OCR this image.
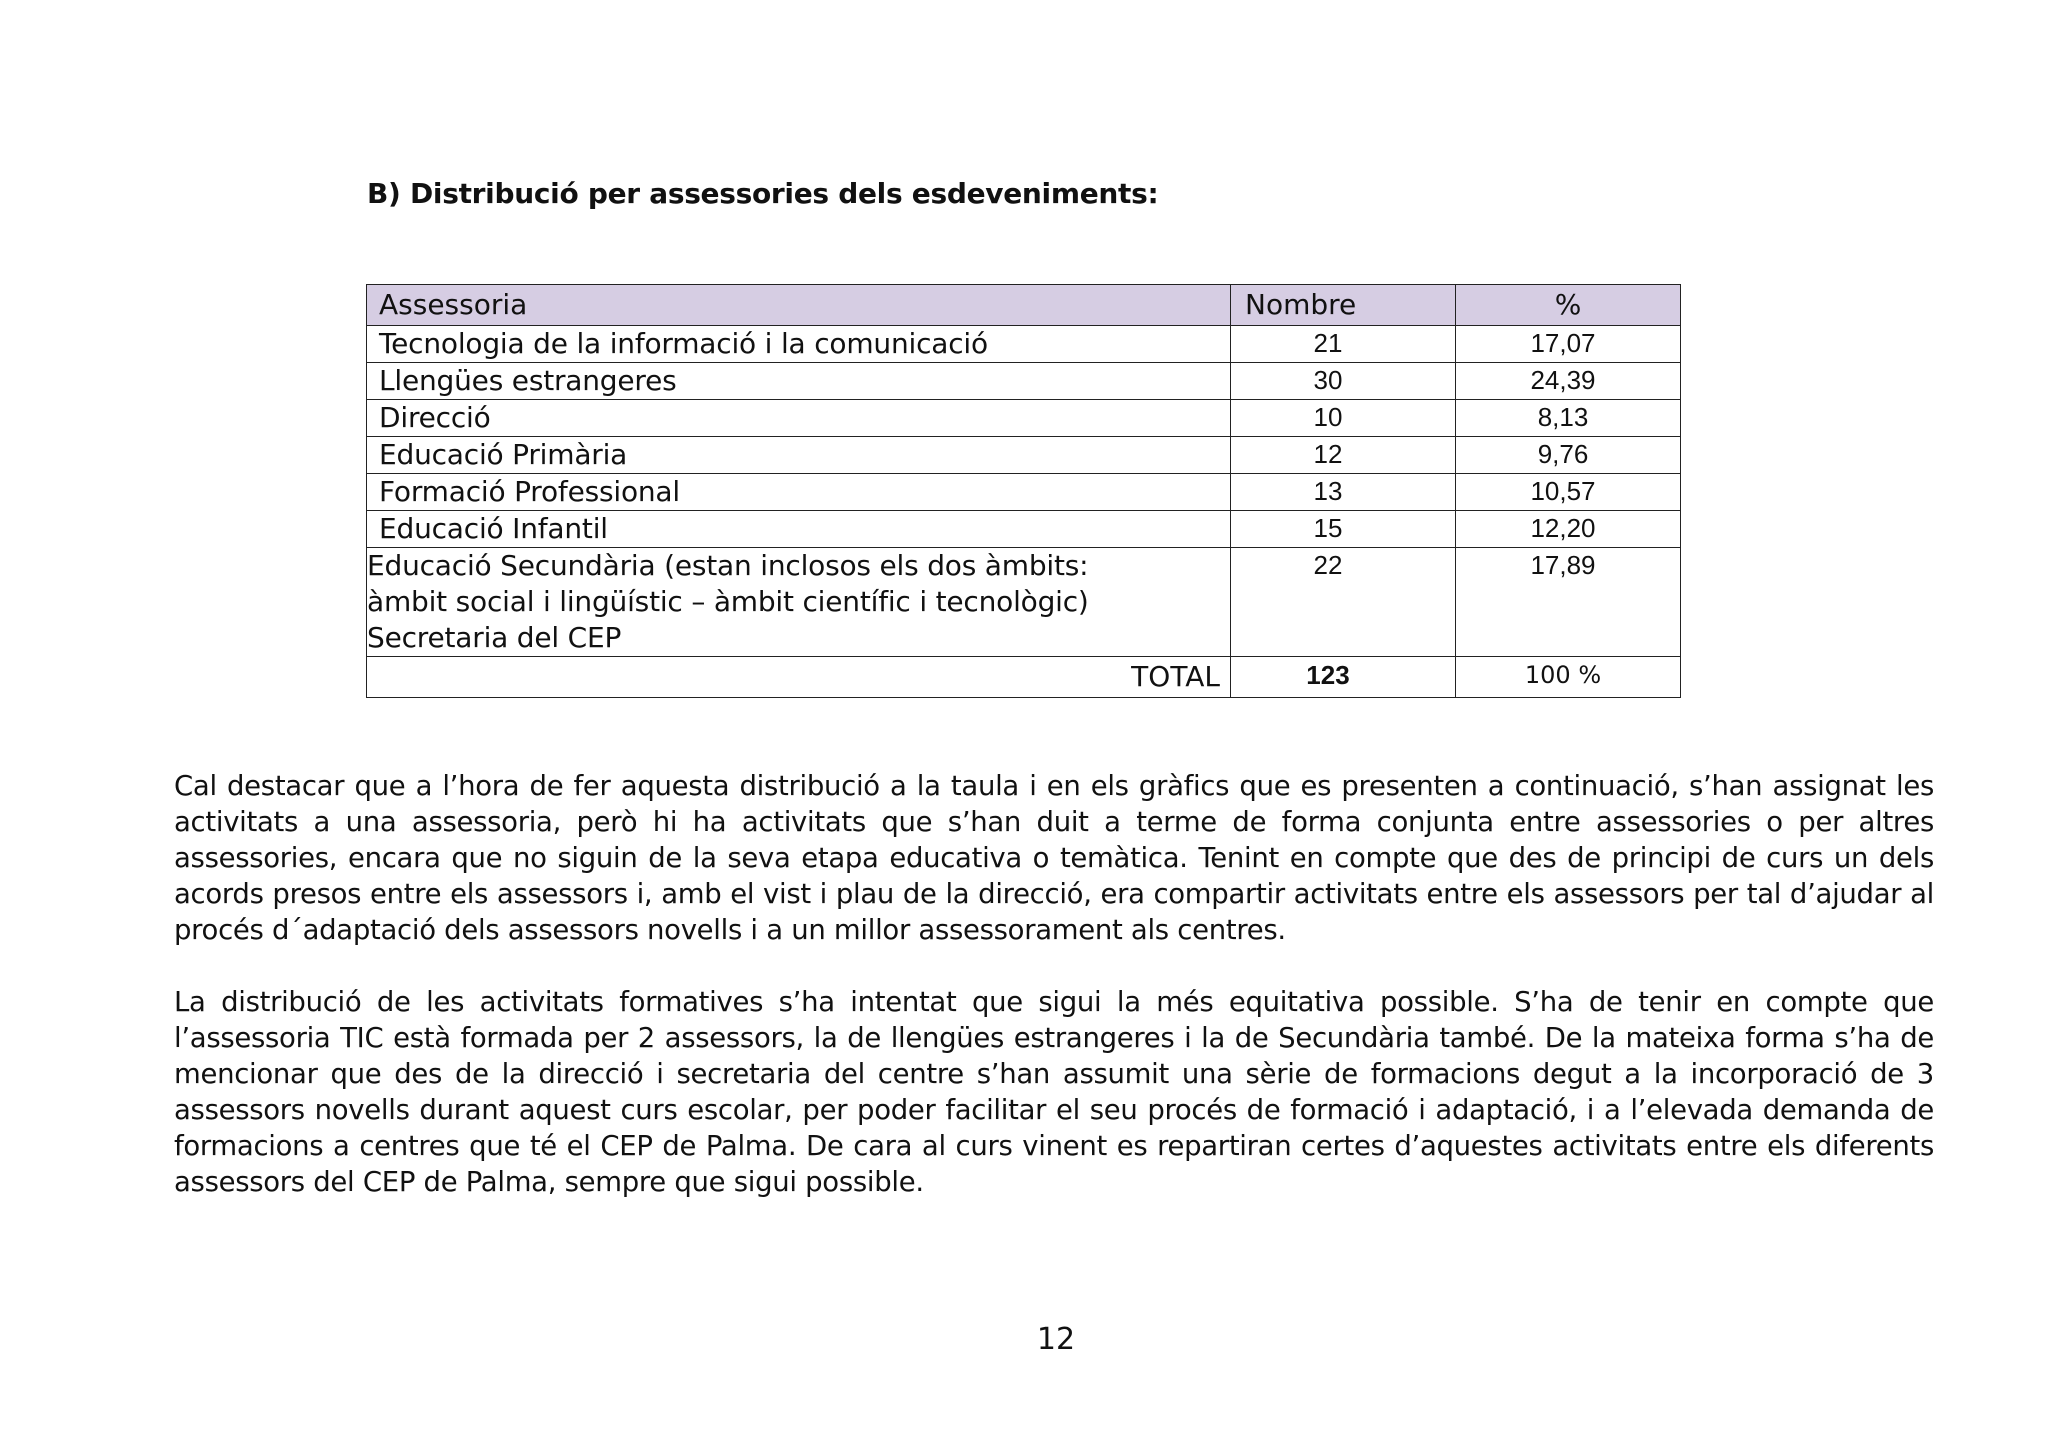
B) Distribució per assessories dels esdeveniments:
Assessoria	Nombre	%
Tecnologia de la informació i la comunicació	21	17,07
Llengües estrangeres	30	24,39
Direcció	10	8,13
Educació Primària	12	9,76
Formació Professional	13	10,57
Educació Infantil	15	12,20

Educació Secundària (estan inclosos els dos àmbits:
àmbit social i lingüístic – àmbit científic i tecnològic)
Secretaria del CEP	22	17,89
TOTAL	123	100 %

Cal destacar que a l’hora de fer aquesta distribució a la taula i en els gràfics que es presenten a continuació, s’han assignat les activitats a una assessoria, però hi ha activitats que s’han duit a terme de forma conjunta entre assessories o per altres assessories, encara que no siguin de la seva etapa educativa o temàtica. Tenint en compte que des de principi de curs un dels acords presos entre els assessors i, amb el vist i plau de la direcció, era compartir activitats entre els assessors per tal d’ajudar al procés d´adaptació dels assessors novells i a un millor assessorament als centres.

La distribució de les activitats formatives s’ha intentat que sigui la més equitativa possible. S’ha de tenir en compte que l’assessoria TIC està formada per 2 assessors, la de llengües estrangeres i la de Secundària també. De la mateixa forma s’ha de mencionar que des de la direcció i secretaria del centre s’han assumit una sèrie de formacions degut a la incorporació de 3 assessors novells durant aquest curs escolar, per poder facilitar el seu procés de formació i adaptació, i a l’elevada demanda de formacions a centres que té el CEP de Palma. De cara al curs vinent es repartiran certes d’aquestes activitats entre els diferents assessors del CEP de Palma, sempre que sigui possible.

12
